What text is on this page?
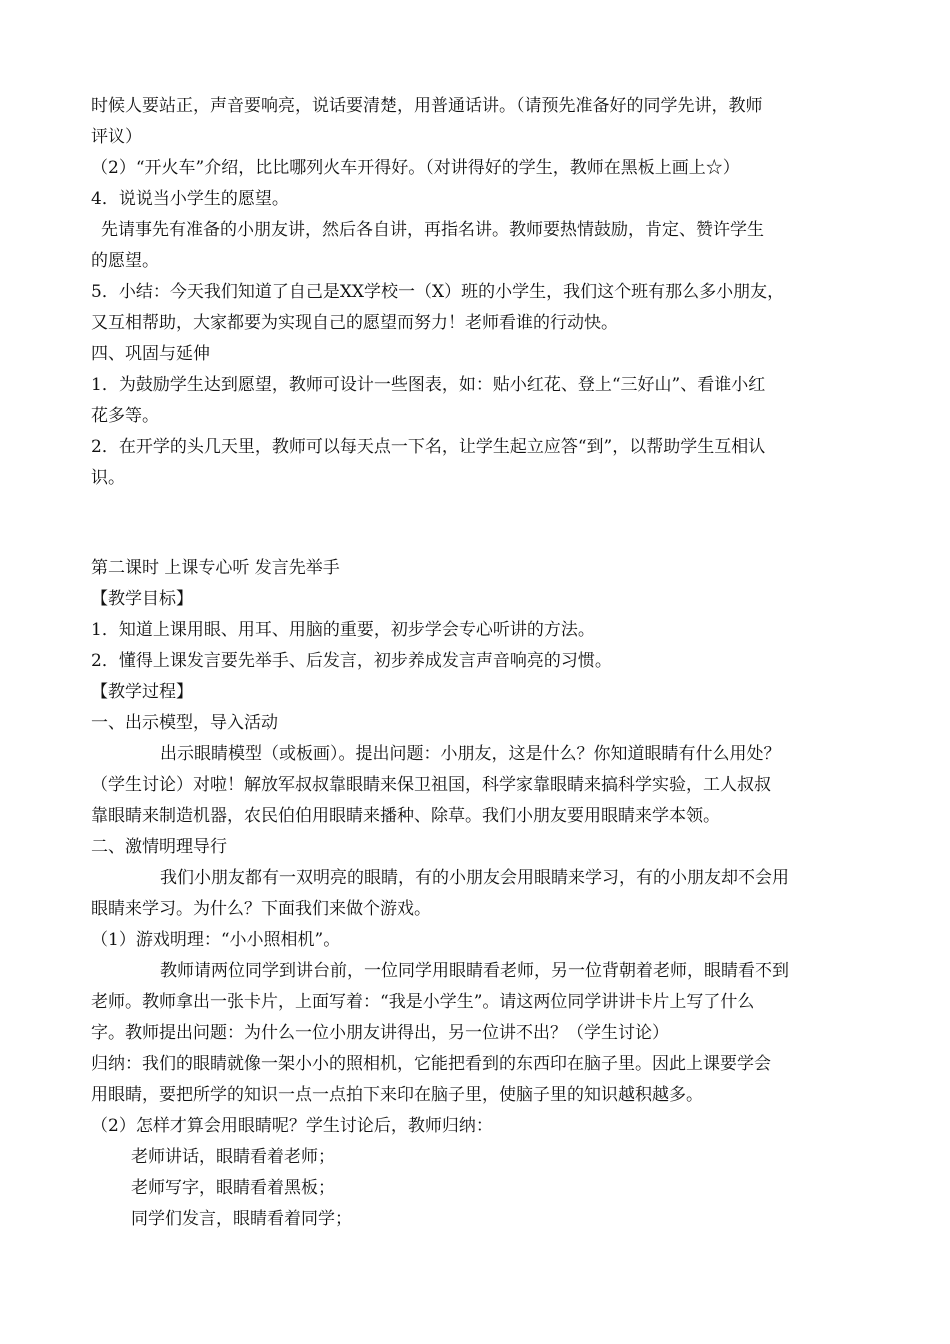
时候人要站正，声音要响亮，说话要清楚，用普通话讲。（请预先准备好的同学先讲，教师
评议）
（2）“开火车”介绍，比比哪列火车开得好。（对讲得好的学生，教师在黑板上画上☆）
4．说说当小学生的愿望。
先请事先有准备的小朋友讲，然后各自讲，再指名讲。教师要热情鼓励，肯定、赞许学生
的愿望。
5．小结：今天我们知道了自己是XX学校一（X）班的小学生，我们这个班有那么多小朋友，
又互相帮助，大家都要为实现自己的愿望而努力！老师看谁的行动快。
四、巩固与延伸
1．为鼓励学生达到愿望，教师可设计一些图表，如：贴小红花、登上“三好山”、看谁小红
花多等。
2．在开学的头几天里，教师可以每天点一下名，让学生起立应答“到”，以帮助学生互相认
识。
第二课时 上课专心听 发言先举手
【教学目标】
1．知道上课用眼、用耳、用脑的重要，初步学会专心听讲的方法。
2．懂得上课发言要先举手、后发言，初步养成发言声音响亮的习惯。
【教学过程】
一、出示模型，导入活动
出示眼睛模型（或板画）。提出问题：小朋友，这是什么？你知道眼睛有什么用处？
（学生讨论）对啦！解放军叔叔靠眼睛来保卫祖国，科学家靠眼睛来搞科学实验，工人叔叔
靠眼睛来制造机器，农民伯伯用眼睛来播种、除草。我们小朋友要用眼睛来学本领。
二、激情明理导行
我们小朋友都有一双明亮的眼睛，有的小朋友会用眼睛来学习，有的小朋友却不会用
眼睛来学习。为什么？下面我们来做个游戏。
（1）游戏明理：“小小照相机”。
教师请两位同学到讲台前，一位同学用眼睛看老师，另一位背朝着老师，眼睛看不到
老师。教师拿出一张卡片，上面写着：“我是小学生”。请这两位同学讲讲卡片上写了什么
字。教师提出问题：为什么一位小朋友讲得出，另一位讲不出？（学生讨论）
归纳：我们的眼睛就像一架小小的照相机，它能把看到的东西印在脑子里。因此上课要学会
用眼睛，要把所学的知识一点一点拍下来印在脑子里，使脑子里的知识越积越多。
（2）怎样才算会用眼睛呢？学生讨论后，教师归纳：
老师讲话，眼睛看着老师；
老师写字，眼睛看着黑板；
同学们发言，眼睛看着同学；
